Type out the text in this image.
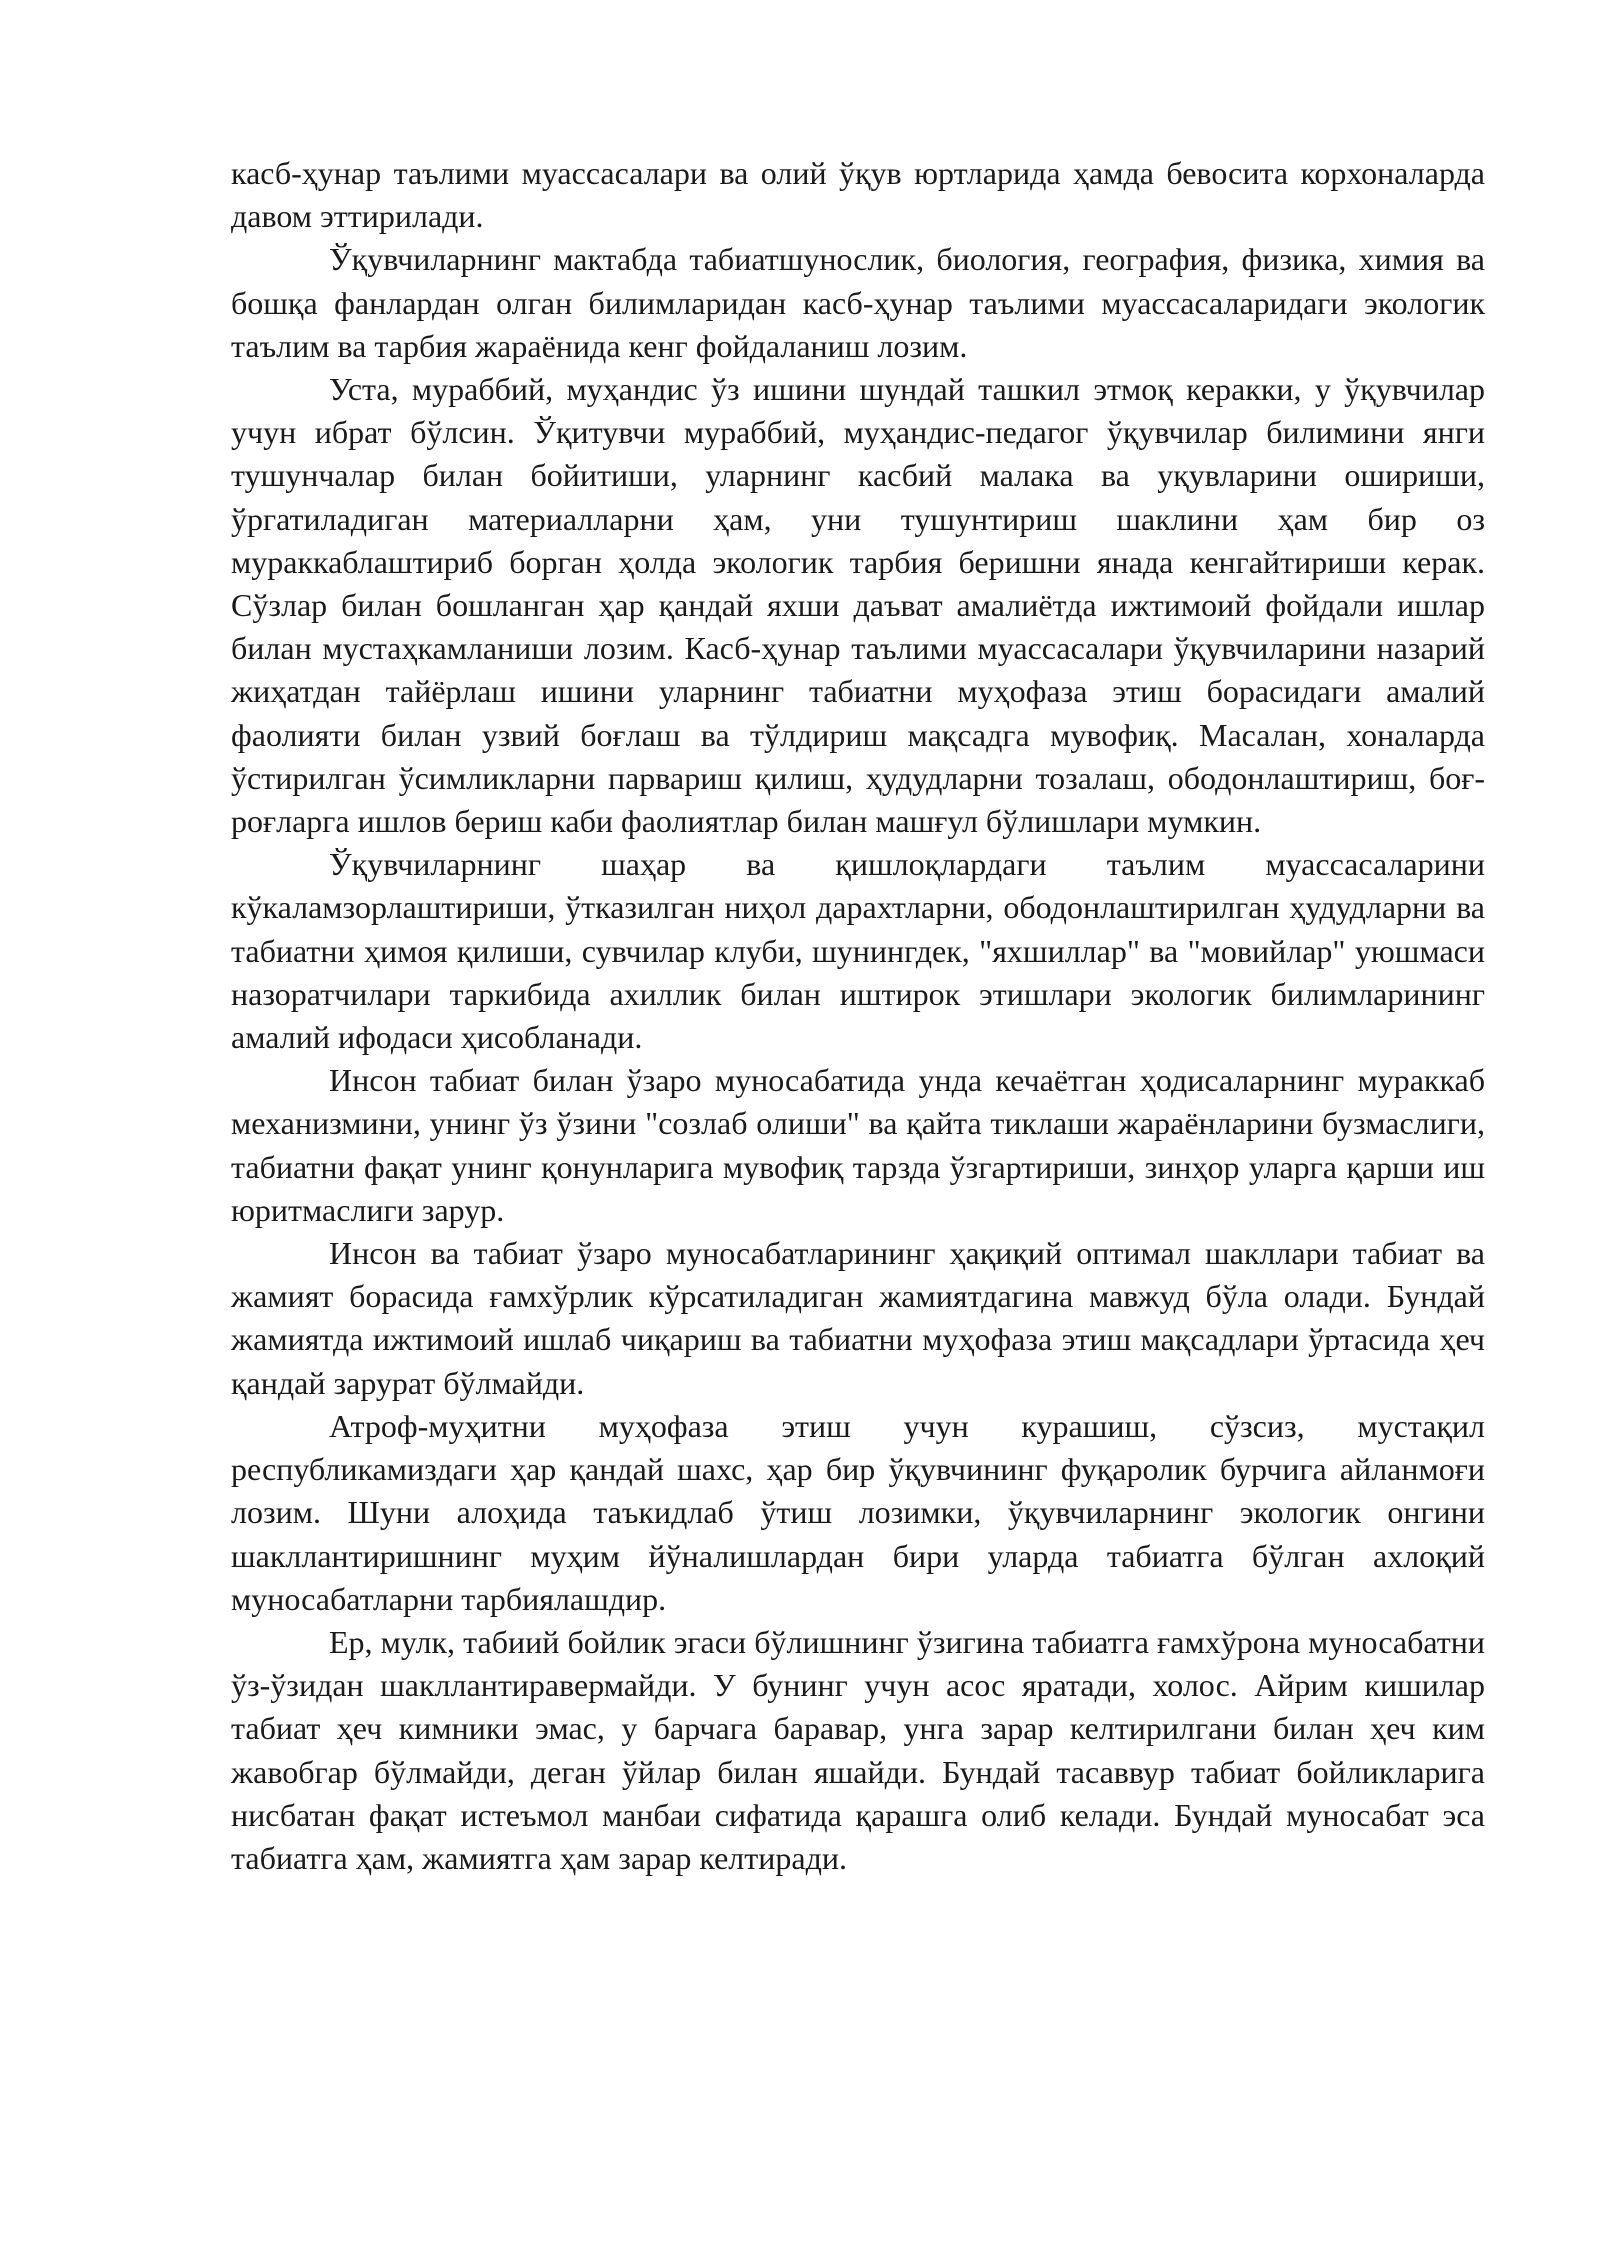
касб-ҳунар таълими муассасалари ва олий ўқув юртларида ҳамда бевосита корхоналарда давом эттирилади.

Ўқувчиларнинг мактабда табиатшунослик, биология, география, физика, химия ва бошқа фанлардан олган билимларидан касб-ҳунар таълими муассасаларидаги экологик таълим ва тарбия жараёнида кенг фойдаланиш лозим.

Уста, мураббий, муҳандис ўз ишини шундай ташкил этмоқ керакки, у ўқувчилар учун ибрат бўлсин. Ўқитувчи мураббий, муҳандис-педагог ўқувчилар билимини янги тушунчалар билан бойитиши, уларнинг касбий малака ва уқувларини ошириши, ўргатиладиган материалларни ҳам, уни тушунтириш шаклини ҳам бир оз мураккаблаштириб борган ҳолда экологик тарбия беришни янада кенгайтириши керак. Сўзлар билан бошланган ҳар қандай яхши даъват амалиётда ижтимоий фойдали ишлар билан мустаҳкамланиши лозим. Касб-ҳунар таълими муассасалари ўқувчиларини назарий жиҳатдан тайёрлаш ишини уларнинг табиатни муҳофаза этиш борасидаги амалий фаолияти билан узвий боғлаш ва тўлдириш мақсадга мувофиқ. Масалан, хоналарда ўстирилган ўсимликларни парвариш қилиш, ҳудудларни тозалаш, ободонлаштириш, боғ-роғларга ишлов бериш каби фаолиятлар билан машғул бўлишлари мумкин.

Ўқувчиларнинг шаҳар ва қишлоқлардаги таълим муассасаларини кўкаламзорлаштириши, ўтказилган ниҳол дарахтларни, ободонлаштирилган ҳудудларни ва табиатни ҳимоя қилиши, сувчилар клуби, шунингдек, "яхшиллар" ва "мовийлар" уюшмаси назоратчилари таркибида ахиллик билан иштирок этишлари экологик билимларининг амалий ифодаси ҳисобланади.

Инсон табиат билан ўзаро муносабатида унда кечаётган ҳодисаларнинг мураккаб механизмини, унинг ўз ўзини "созлаб олиши" ва қайта тиклаши жараёнларини бузмаслиги, табиатни фақат унинг қонунларига мувофиқ тарзда ўзгартириши, зинҳор уларга қарши иш юритмаслиги зарур.

Инсон ва табиат ўзаро муносабатларининг ҳақиқий оптимал шакллари табиат ва жамият борасида ғамхўрлик кўрсатиладиган жамиятдагина мавжуд бўла олади. Бундай жамиятда ижтимоий ишлаб чиқариш ва табиатни муҳофаза этиш мақсадлари ўртасида ҳеч қандай зарурат бўлмайди.

Атроф-муҳитни муҳофаза этиш учун курашиш, сўзсиз, мустақил республикамиздаги ҳар қандай шахс, ҳар бир ўқувчининг фуқаролик бурчига айланмоғи лозим. Шуни алоҳида таъкидлаб ўтиш лозимки, ўқувчиларнинг экологик онгини шакллантиришнинг муҳим йўналишлардан бири уларда табиатга бўлган ахлоқий муносабатларни тарбиялашдир.

Ер, мулк, табиий бойлик эгаси бўлишнинг ўзигина табиатга ғамхўрона муносабатни ўз-ўзидан шакллантиравермайди. У бунинг учун асос яратади, холос. Айрим кишилар табиат ҳеч кимники эмас, у барчага баравар, унга зарар келтирилгани билан ҳеч ким жавобгар бўлмайди, деган ўйлар билан яшайди. Бундай тасаввур табиат бойликларига нисбатан фақат истеъмол манбаи сифатида қарашга олиб келади. Бундай муносабат эса табиатга ҳам, жамиятга ҳам зарар келтиради.
